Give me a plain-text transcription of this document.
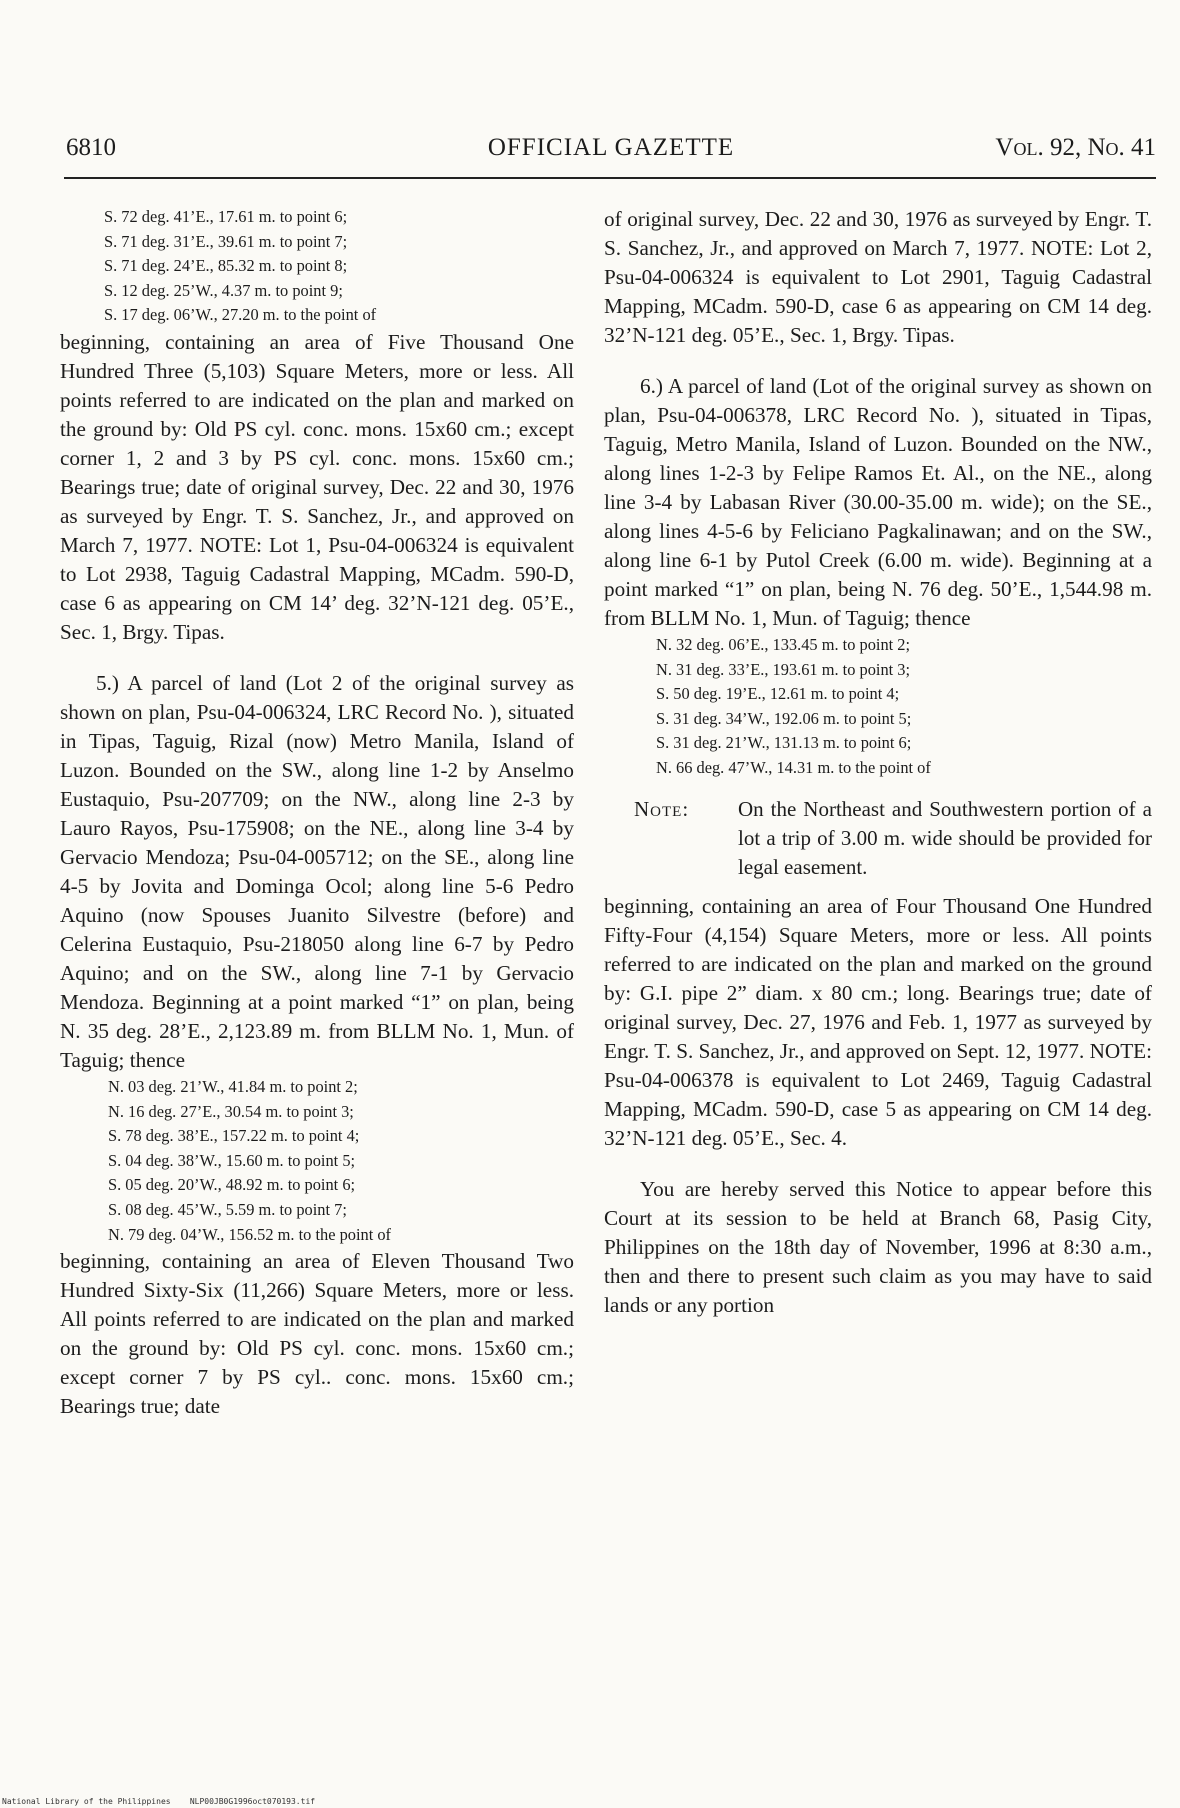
6810	OFFICIAL GAZETTE	Vol. 92, No. 41

S. 72 deg. 41’E., 17.61 m. to point 6;

S. 71 deg. 31’E., 39.61 m. to point 7;

S. 71 deg. 24’E., 85.32 m. to point 8;

S. 12 deg. 25’W., 4.37 m. to point 9;

S. 17 deg. 06’W., 27.20 m. to the point of

beginning, containing an area of Five Thousand One Hundred Three (5,103) Square Meters, more or less. All points referred to are indicated on the plan and marked on the ground by: Old PS cyl. conc. mons. 15x60 cm.; except corner 1, 2 and 3 by PS cyl. conc. mons. 15x60 cm.; Bearings true; date of original survey, Dec. 22 and 30, 1976 as surveyed by Engr. T. S. Sanchez, Jr., and approved on March 7, 1977. NOTE: Lot 1, Psu-04-006324 is equivalent to Lot 2938, Taguig Cadastral Mapping, MCadm. 590-D, case 6 as appearing on CM 14’ deg. 32’N-121 deg. 05’E., Sec. 1, Brgy. Tipas.

5.) A parcel of land (Lot 2 of the original survey as shown on plan, Psu-04-006324, LRC Record No. ), situated in Tipas, Taguig, Rizal (now) Metro Manila, Island of Luzon. Bounded on the SW., along line 1-2 by Anselmo Eustaquio, Psu-207709; on the NW., along line 2-3 by Lauro Rayos, Psu-175908; on the NE., along line 3-4 by Gervacio Mendoza; Psu-04-005712; on the SE., along line 4-5 by Jovita and Dominga Ocol; along line 5-6 Pedro Aquino (now Spouses Juanito Silvestre (before) and Celerina Eustaquio, Psu-218050 along line 6-7 by Pedro Aquino; and on the SW., along line 7-1 by Gervacio Mendoza. Beginning at a point marked “1” on plan, being N. 35 deg. 28’E., 2,123.89 m. from BLLM No. 1, Mun. of Taguig; thence

N. 03 deg. 21’W., 41.84 m. to point 2;

N. 16 deg. 27’E., 30.54 m. to point 3;

S. 78 deg. 38’E., 157.22 m. to point 4;

S. 04 deg. 38’W., 15.60 m. to point 5;

S. 05 deg. 20’W., 48.92 m. to point 6;

S. 08 deg. 45’W., 5.59 m. to point 7;

N. 79 deg. 04’W., 156.52 m. to the point of

beginning, containing an area of Eleven Thousand Two Hundred Sixty-Six (11,266) Square Meters, more or less. All points referred to are indicated on the plan and marked on the ground by: Old PS cyl. conc. mons. 15x60 cm.; except corner 7 by PS cyl.. conc. mons. 15x60 cm.; Bearings true; date

of original survey, Dec. 22 and 30, 1976 as surveyed by Engr. T. S. Sanchez, Jr., and approved on March 7, 1977. NOTE: Lot 2, Psu-04-006324 is equivalent to Lot 2901, Taguig Cadastral Mapping, MCadm. 590-D, case 6 as appearing on CM 14 deg. 32’N-121 deg. 05’E., Sec. 1, Brgy. Tipas.

6.) A parcel of land (Lot of the original survey as shown on plan, Psu-04-006378, LRC Record No. ), situated in Tipas, Taguig, Metro Manila, Island of Luzon. Bounded on the NW., along lines 1-2-3 by Felipe Ramos Et. Al., on the NE., along line 3-4 by Labasan River (30.00-35.00 m. wide); on the SE., along lines 4-5-6 by Feliciano Pagkalinawan; and on the SW., along line 6-1 by Putol Creek (6.00 m. wide). Beginning at a point marked “1” on plan, being N. 76 deg. 50’E., 1,544.98 m. from BLLM No. 1, Mun. of Taguig; thence

N. 32 deg. 06’E., 133.45 m. to point 2;

N. 31 deg. 33’E., 193.61 m. to point 3;

S. 50 deg. 19’E., 12.61 m. to point 4;

S. 31 deg. 34’W., 192.06 m. to point 5;

S. 31 deg. 21’W., 131.13 m. to point 6;

N. 66 deg. 47’W., 14.31 m. to the point of

Note:	On the Northeast and Southwestern portion of a lot a trip of 3.00 m. wide should be provided for legal easement.

beginning, containing an area of Four Thousand One Hundred Fifty-Four (4,154) Square Meters, more or less. All points referred to are indicated on the plan and marked on the ground by: G.I. pipe 2” diam. x 80 cm.; long. Bearings true; date of original survey, Dec. 27, 1976 and Feb. 1, 1977 as surveyed by Engr. T. S. Sanchez, Jr., and approved on Sept. 12, 1977. NOTE: Psu-04-006378 is equivalent to Lot 2469, Taguig Cadastral Mapping, MCadm. 590-D, case 5 as appearing on CM 14 deg. 32’N-121 deg. 05’E., Sec. 4.

You are hereby served this Notice to appear before this Court at its session to be held at Branch 68, Pasig City, Philippines on the 18th day of November, 1996 at 8:30 a.m., then and there to present such claim as you may have to said lands or any portion

National Library of the Philippines NLP00JB0G1996oct070193.tif
